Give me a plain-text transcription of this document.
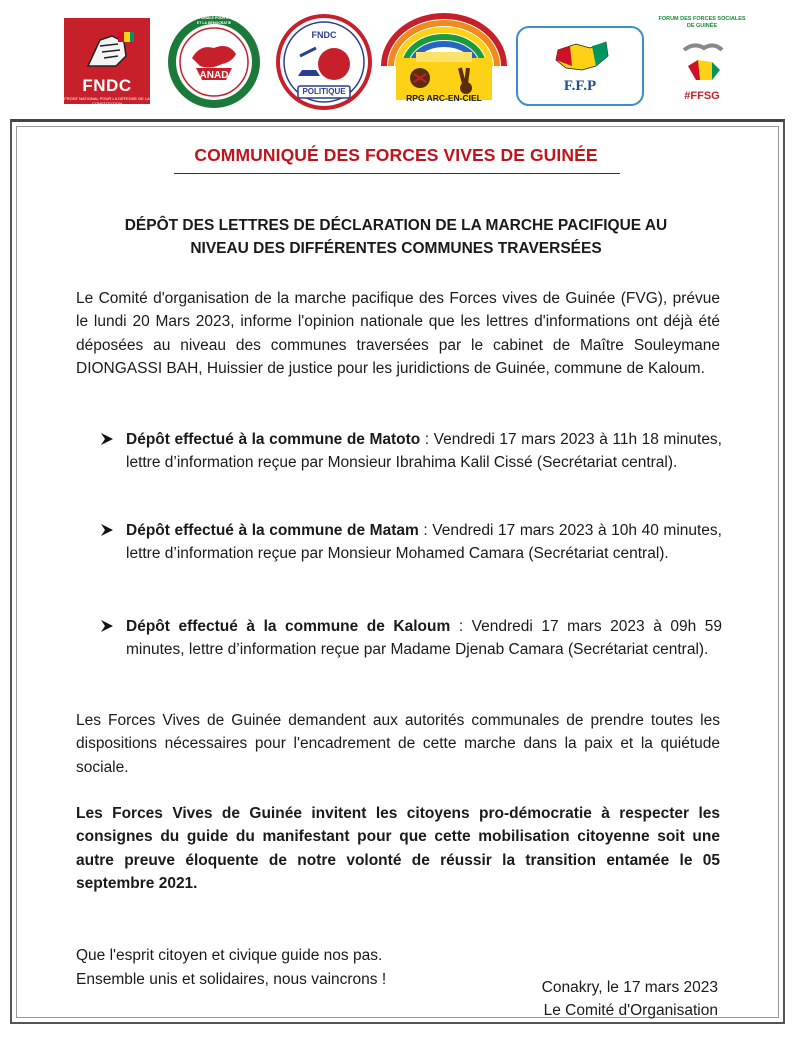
FNDC
FRONT NATIONAL POUR LA DÉFENSE DE LA CONSTITUTION
ANAD
ALLIANCE NATIONALE POUR L'ALTERNANCE ET LA DÉMOCRATIE
FNDC
POLITIQUE
RPG ARC-EN-CIEL
F.F.P
FORUM DES FORCES SOCIALES DE GUINÉE
#FFSG
COMMUNIQUÉ DES FORCES VIVES DE GUINÉE
DÉPÔT DES LETTRES DE DÉCLARATION DE LA MARCHE PACIFIQUE AU
NIVEAU DES DIFFÉRENTES COMMUNES TRAVERSÉES
Le Comité d'organisation de la marche pacifique des Forces vives de Guinée (FVG), prévue le lundi 20 Mars 2023, informe l'opinion nationale que les lettres d'informations ont déjà été déposées au niveau des communes traversées par le cabinet de Maître Souleymane DIONGASSI BAH, Huissier de justice pour les juridictions de Guinée, commune de Kaloum.
Dépôt effectué à la commune de Matoto : Vendredi 17 mars 2023 à 11h 18 minutes, lettre d’information reçue par Monsieur Ibrahima Kalil Cissé (Secrétariat central).
Dépôt effectué à la commune de Matam : Vendredi 17 mars 2023 à 10h 40 minutes, lettre d’information reçue par Monsieur Mohamed Camara (Secrétariat central).
Dépôt effectué à la commune de Kaloum : Vendredi 17 mars 2023 à 09h 59 minutes, lettre d’information reçue par Madame Djenab Camara (Secrétariat central).
Les Forces Vives de Guinée demandent aux autorités communales de prendre toutes les dispositions nécessaires pour l'encadrement de cette marche dans la paix et la quiétude sociale.
Les Forces Vives de Guinée invitent les citoyens pro-démocratie à respecter les consignes du guide du manifestant pour que cette mobilisation citoyenne soit une autre preuve éloquente de notre volonté de réussir la transition entamée le 05 septembre 2021.
Que l'esprit citoyen et civique guide nos pas.
Ensemble unis et solidaires, nous vaincrons !	Conakry, le 17 mars 2023
Le Comité d'Organisation
